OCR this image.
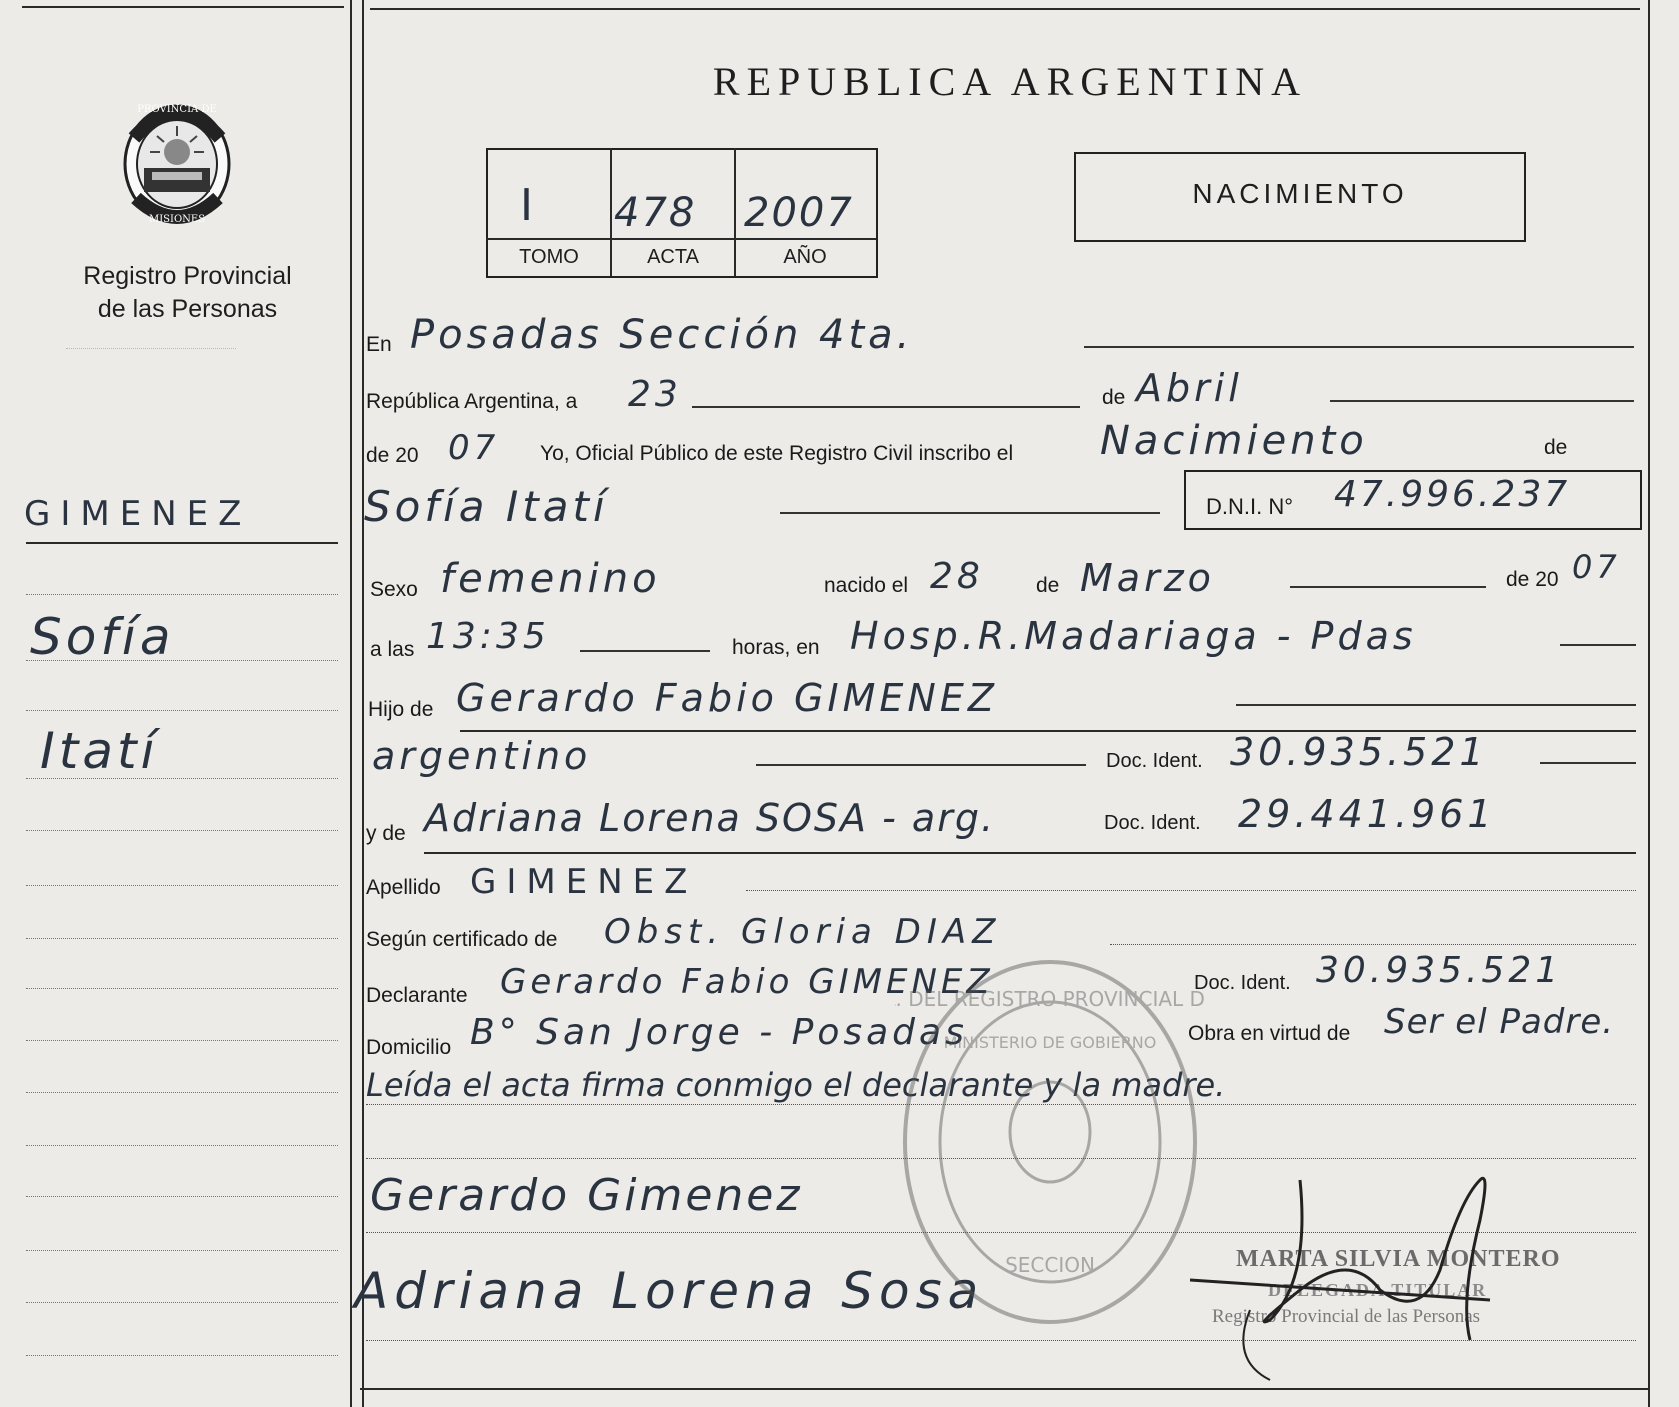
PROVINCIA DE
MISIONES
Registro Provincial
de las Personas
GIMENEZ
Sofía
Itatí
REPUBLICA ARGENTINA
I 478 2007
TOMO	ACTA	AÑO
NACIMIENTO
En Posadas Sección 4ta.
República Argentina, a 23	de Abril
de 20 07 Yo, Oficial Público de este Registro Civil inscribo el Nacimiento	de
Sofía Itatí	D.N.I. N° 47.996.237
Sexo femenino	nacido el 28 de Marzo	de 20 07
a las 13:35	horas, en Hosp.R.Madariaga - Pdas
Hijo de Gerardo Fabio GIMENEZ
argentino	Doc. Ident. 30.935.521
y de Adriana Lorena SOSA - arg.	Doc. Ident. 29.441.961
Apellido GIMENEZ
Según certificado de Obst. Gloria DIAZ
Declarante Gerardo Fabio GIMENEZ	Doc. Ident. 30.935.521
Domicilio B° San Jorge - Posadas	Obra en virtud de Ser el Padre.
Leída el acta firma conmigo el declarante y la madre.
Gerardo Gimenez
Adriana Lorena Sosa
. DEL REGISTRO PROVINCIAL D
MINISTERIO DE GOBIERNO
SECCION	MARTA SILVIA MONTERO
DELEGADA TITULAR
Registro Provincial de las Personas
